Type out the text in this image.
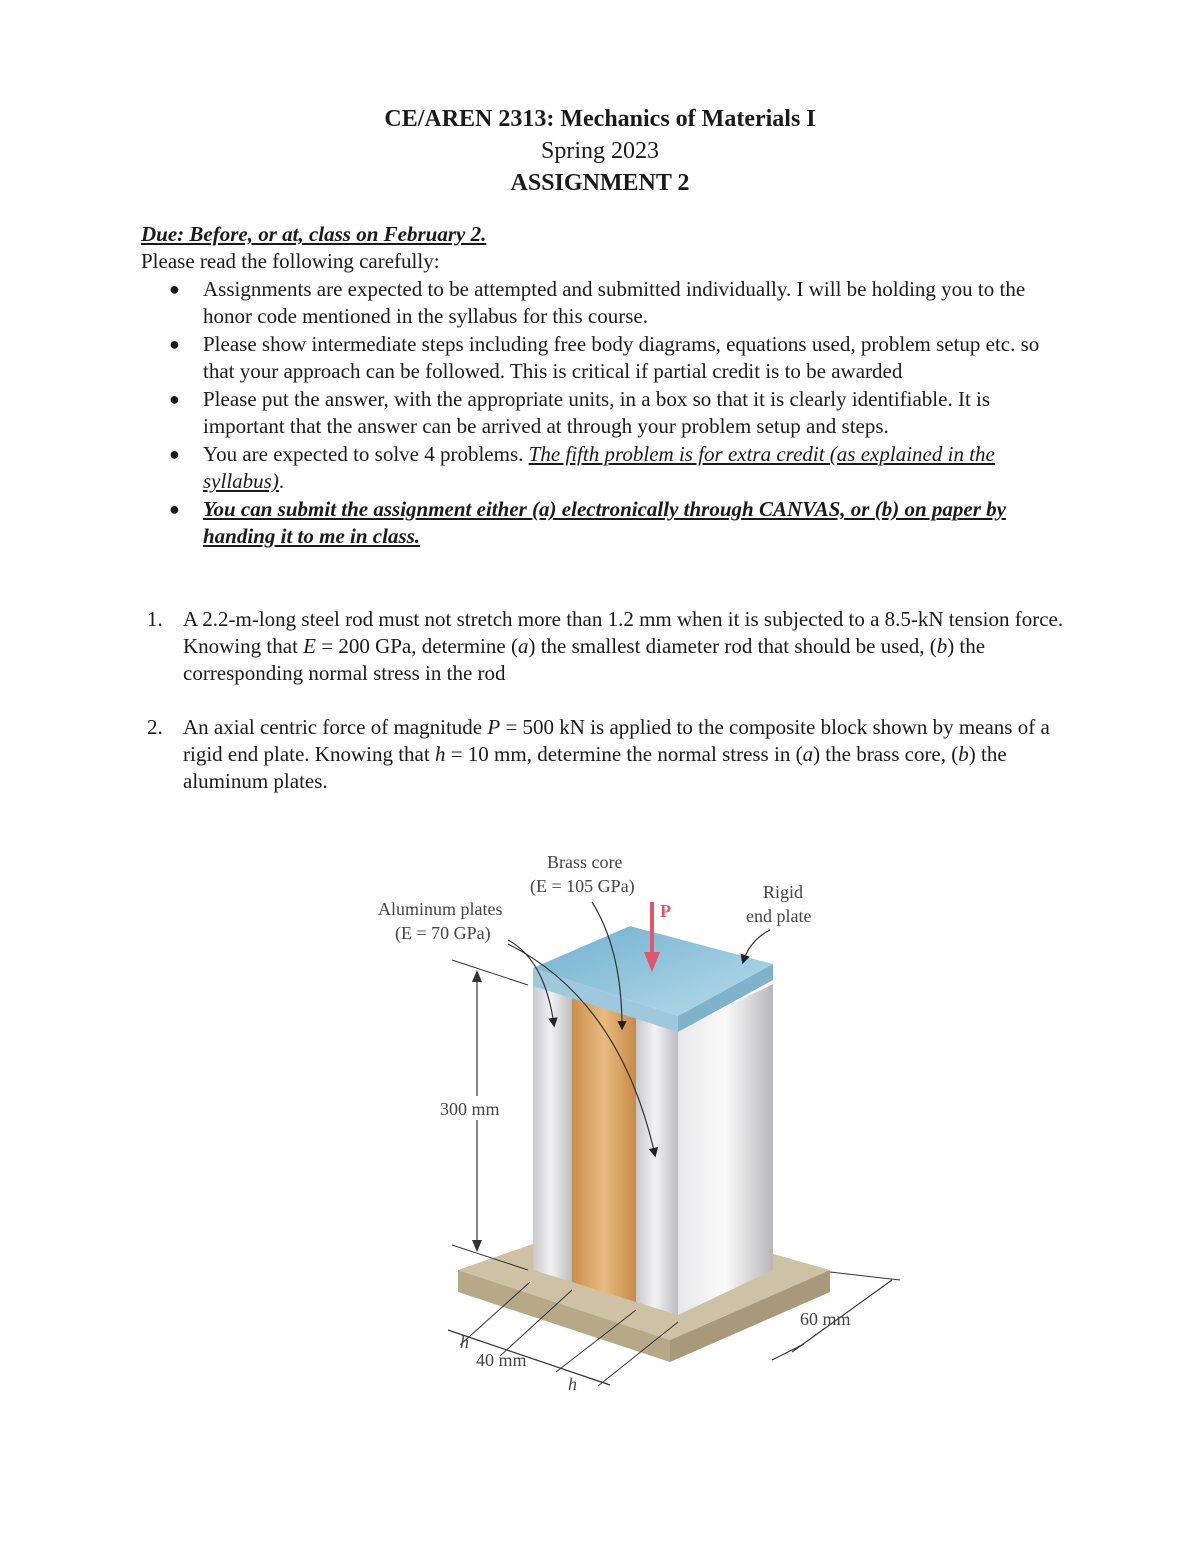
CE/AREN 2313: Mechanics of Materials I
Spring 2023
ASSIGNMENT 2
Due: Before, or at, class on February 2.
Please read the following carefully:
● Assignments are expected to be attempted and submitted individually. I will be holding you to the honor code mentioned in the syllabus for this course.
● Please show intermediate steps including free body diagrams, equations used, problem setup etc. so that your approach can be followed. This is critical if partial credit is to be awarded
● Please put the answer, with the appropriate units, in a box so that it is clearly identifiable. It is important that the answer can be arrived at through your problem setup and steps.
● You are expected to solve 4 problems. The fifth problem is for extra credit (as explained in the syllabus).
● You can submit the assignment either (a) electronically through CANVAS, or (b) on paper by handing it to me in class.
1. A 2.2-m-long steel rod must not stretch more than 1.2 mm when it is subjected to a 8.5-kN tension force. Knowing that E = 200 GPa, determine (a) the smallest diameter rod that should be used, (b) the corresponding normal stress in the rod
2. An axial centric force of magnitude P = 500 kN is applied to the composite block shown by means of a rigid end plate. Knowing that h = 10 mm, determine the normal stress in (a) the brass core, (b) the aluminum plates.
P
Brass core
(E = 105 GPa)
Aluminum plates
(E = 70 GPa)
Rigid
end plate
300 mm
60 mm
h
40 mm
h
